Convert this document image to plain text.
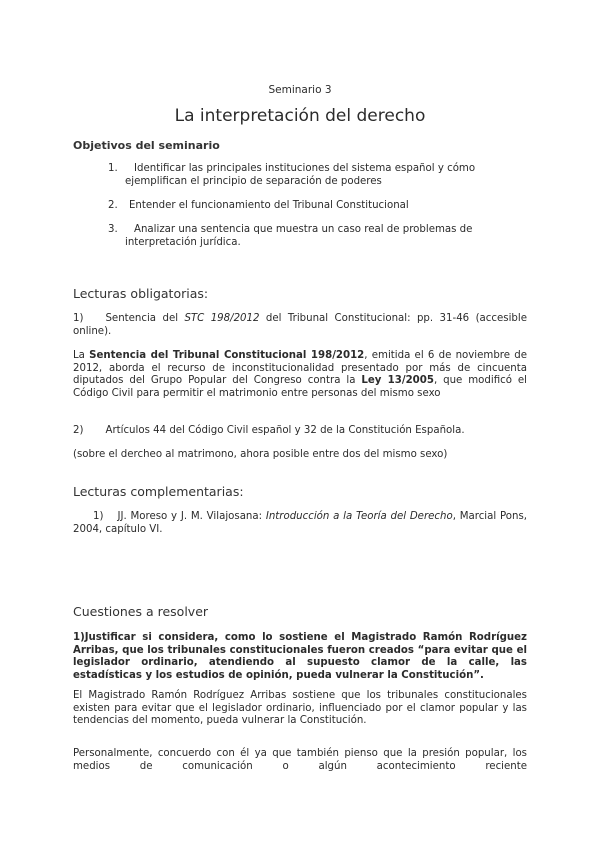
Seminario 3

La interpretación del derecho

Objetivos del seminario

1.	Identificar las principales instituciones del sistema español y cómo
ejemplifican el principio de separación de poderes
2.	Entender el funcionamiento del Tribunal Constitucional
3.	Analizar una sentencia que muestra un caso real de problemas de
interpretación jurídica.

Lecturas obligatorias:

1) Sentencia del STC 198/2012 del Tribunal Constitucional: pp. 31-46 (accesible online).

La Sentencia del Tribunal Constitucional 198/2012, emitida el 6 de noviembre de 2012, aborda el recurso de inconstitucionalidad presentado por más de cincuenta diputados del Grupo Popular del Congreso contra la Ley 13/2005, que modificó el Código Civil para permitir el matrimonio entre personas del mismo sexo

2) Artículos 44 del Código Civil español y 32 de la Constitución Española.

(sobre el dercheo al matrimono, ahora posible entre dos del mismo sexo)

Lecturas complementarias:

1) JJ. Moreso y J. M. Vilajosana: Introducción a la Teoría del Derecho, Marcial Pons, 2004, capítulo VI.

Cuestiones a resolver

1)Justificar si considera, como lo sostiene el Magistrado Ramón Rodríguez Arribas, que los tribunales constitucionales fueron creados “para evitar que el legislador ordinario, atendiendo al supuesto clamor de la calle, las estadísticas y los estudios de opinión, pueda vulnerar la Constitución”.

El Magistrado Ramón Rodríguez Arribas sostiene que los tribunales constitucionales existen para evitar que el legislador ordinario, influenciado por el clamor popular y las tendencias del momento, pueda vulnerar la Constitución.

Personalmente, concuerdo con él ya que también pienso que la presión popular, los medios de comunicación o algún acontecimiento reciente
